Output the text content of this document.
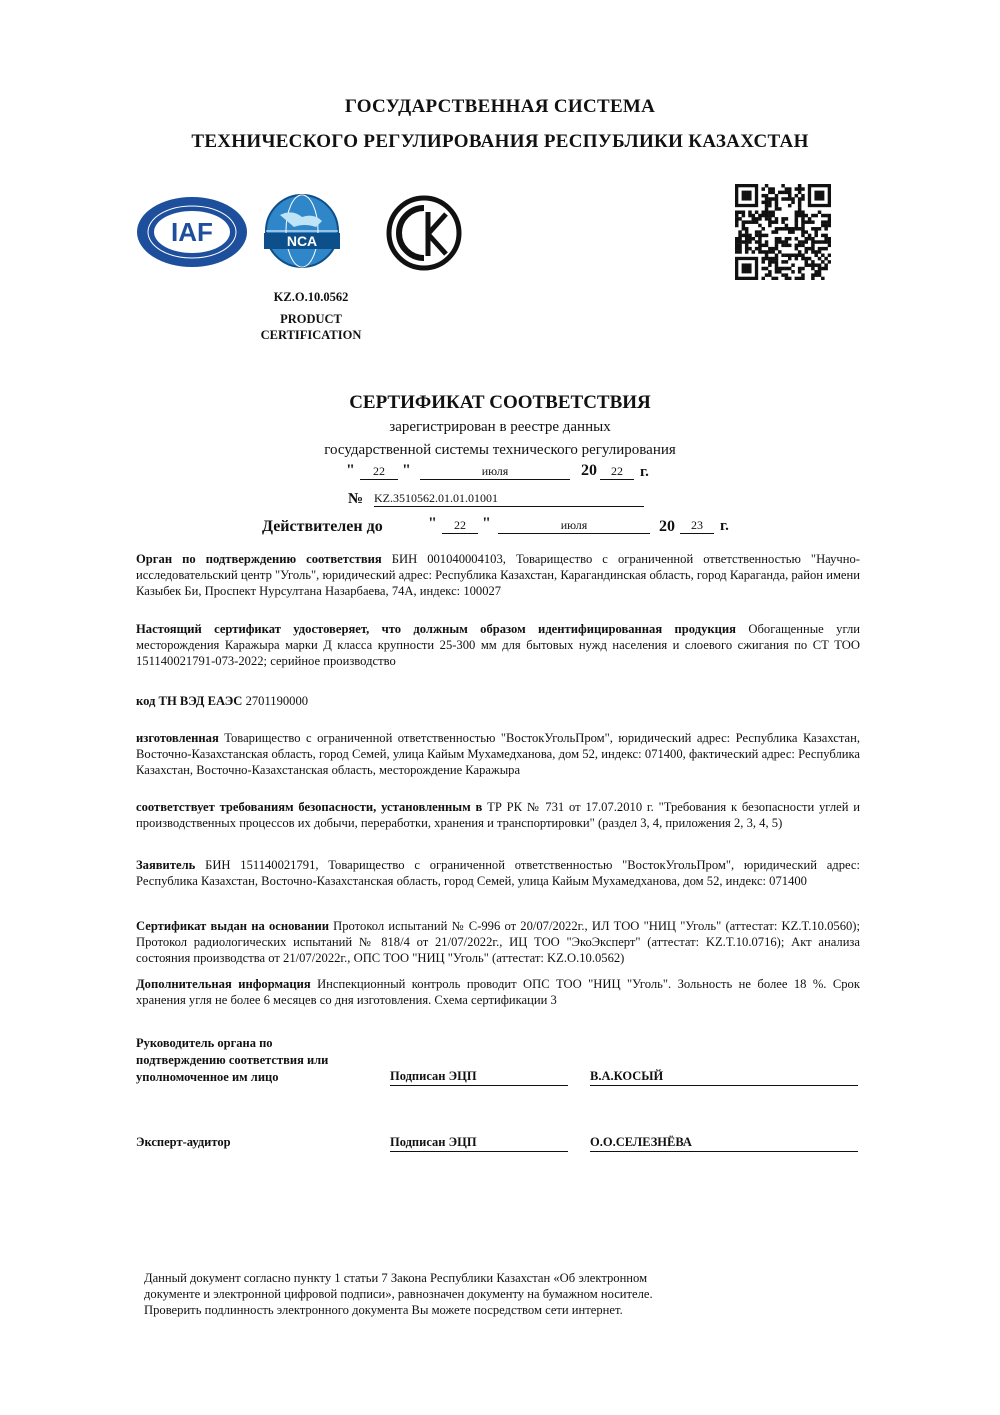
ГОСУДАРСТВЕННАЯ СИСТЕМА
ТЕХНИЧЕСКОГО РЕГУЛИРОВАНИЯ РЕСПУБЛИКИ КАЗАХСТАН
IAF	NCA
KZ.O.10.0562
PRODUCT
CERTIFICATION
СЕРТИФИКАТ СООТВЕТСТВИЯ
зарегистрирован в реестре данных
государственной системы технического регулирования
"	22	"	июля	20	22	г.
№ KZ.3510562.01.01.01001
Действителен до	"	22	"	июля	20	23	г.
Орган по подтверждению соответствия БИН 001040004103, Товарищество с ограниченной ответственностью "Научно-исследовательский центр "Уголь", юридический адрес: Республика Казахстан, Карагандинская область, город Караганда, район имени Казыбек Би, Проспект Нурсултана Назарбаева, 74А, индекс: 100027
Настоящий сертификат удостоверяет, что должным образом идентифицированная продукция Обогащенные угли месторождения Каражыра марки Д класса крупности 25-300 мм для бытовых нужд населения и слоевого сжигания по СТ ТОО 151140021791-073-2022; серийное производство
код ТН ВЭД ЕАЭС 2701190000
изготовленная Товарищество с ограниченной ответственностью "ВостокУгольПром", юридический адрес: Республика Казахстан, Восточно-Казахстанская область, город Семей, улица Кайым Мухамедханова, дом 52, индекс: 071400, фактический адрес: Республика Казахстан, Восточно-Казахстанская область, месторождение Каражыра
соответствует требованиям безопасности, установленным в ТР РК № 731 от 17.07.2010 г. "Требования к безопасности углей и производственных процессов их добычи, переработки, хранения и транспортировки" (раздел 3, 4, приложения 2, 3, 4, 5)
Заявитель БИН 151140021791, Товарищество с ограниченной ответственностью "ВостокУгольПром", юридический адрес: Республика Казахстан, Восточно-Казахстанская область, город Семей, улица Кайым Мухамедханова, дом 52, индекс: 071400
Сертификат выдан на основании Протокол испытаний № С-996 от 20/07/2022г., ИЛ ТОО "НИЦ "Уголь" (аттестат: KZ.T.10.0560); Протокол радиологических испытаний № 818/4 от 21/07/2022г., ИЦ ТОО "ЭкоЭксперт" (аттестат: KZ.T.10.0716); Акт анализа состояния производства от 21/07/2022г., ОПС ТОО "НИЦ "Уголь" (аттестат: KZ.O.10.0562)
Дополнительная информация Инспекционный контроль проводит ОПС ТОО "НИЦ "Уголь". Зольность не более 18 %. Срок хранения угля не более 6 месяцев со дня изготовления. Схема сертификации 3
Руководитель органа по
подтверждению соответствия или
уполномоченное им лицо	Подписан ЭЦП	В.А.КОСЫЙ
Эксперт-аудитор	Подписан ЭЦП	О.О.СЕЛЕЗНЁВА
Данный документ согласно пункту 1 статьи 7 Закона Республики Казахстан «Об электронном
документе и электронной цифровой подписи», равнозначен документу на бумажном носителе.
Проверить подлинность электронного документа Вы можете посредством сети интернет.
